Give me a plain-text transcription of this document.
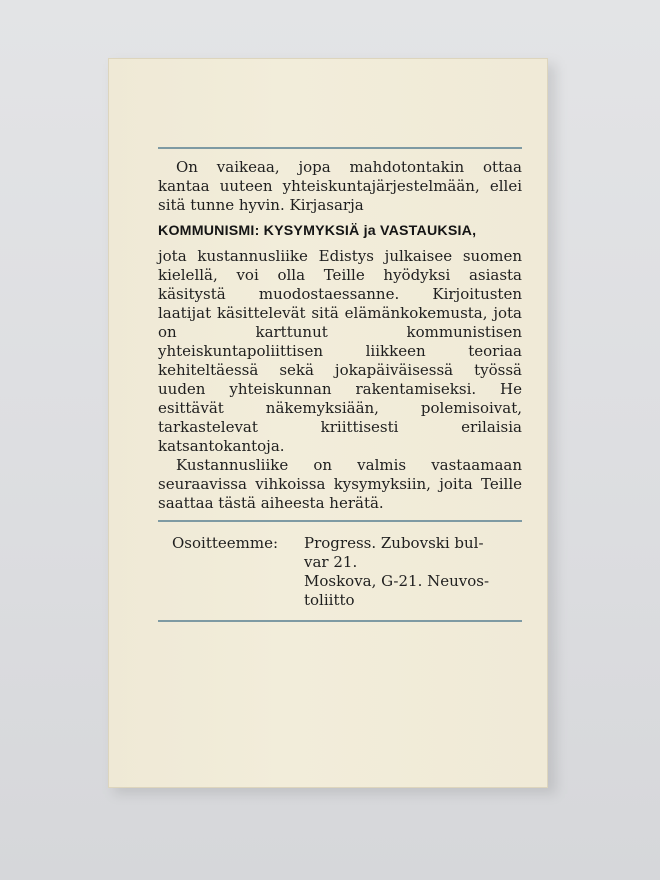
On vaikeaa, jopa mahdotontakin ottaa kantaa uuteen yhteiskuntajärjestelmään, ellei sitä tunne hyvin. Kirjasarja

KOMMUNISMI: KYSYMYKSIÄ ja VASTAUKSIA,

jota kustannusliike Edistys julkaisee suomen kielellä, voi olla Teille hyödyksi asiasta käsitystä muodostaessanne. Kirjoitusten laatijat käsittelevät sitä elämänkokemusta, jota on karttunut kommunistisen yhteiskuntapoliittisen liikkeen teoriaa kehiteltäessä sekä jokapäiväisessä työssä uuden yhteiskunnan rakentamiseksi. He esittävät näkemyksiään, polemisoivat, tarkastelevat kriittisesti erilaisia katsantokantoja.

Kustannusliike on valmis vastaamaan seuraavissa vihkoissa kysymyksiin, joita Teille saattaa tästä aiheesta herätä.

Osoitteemme:	Progress. Zubovski bul-
var 21.
Moskova, G-21. Neuvos-
toliitto
